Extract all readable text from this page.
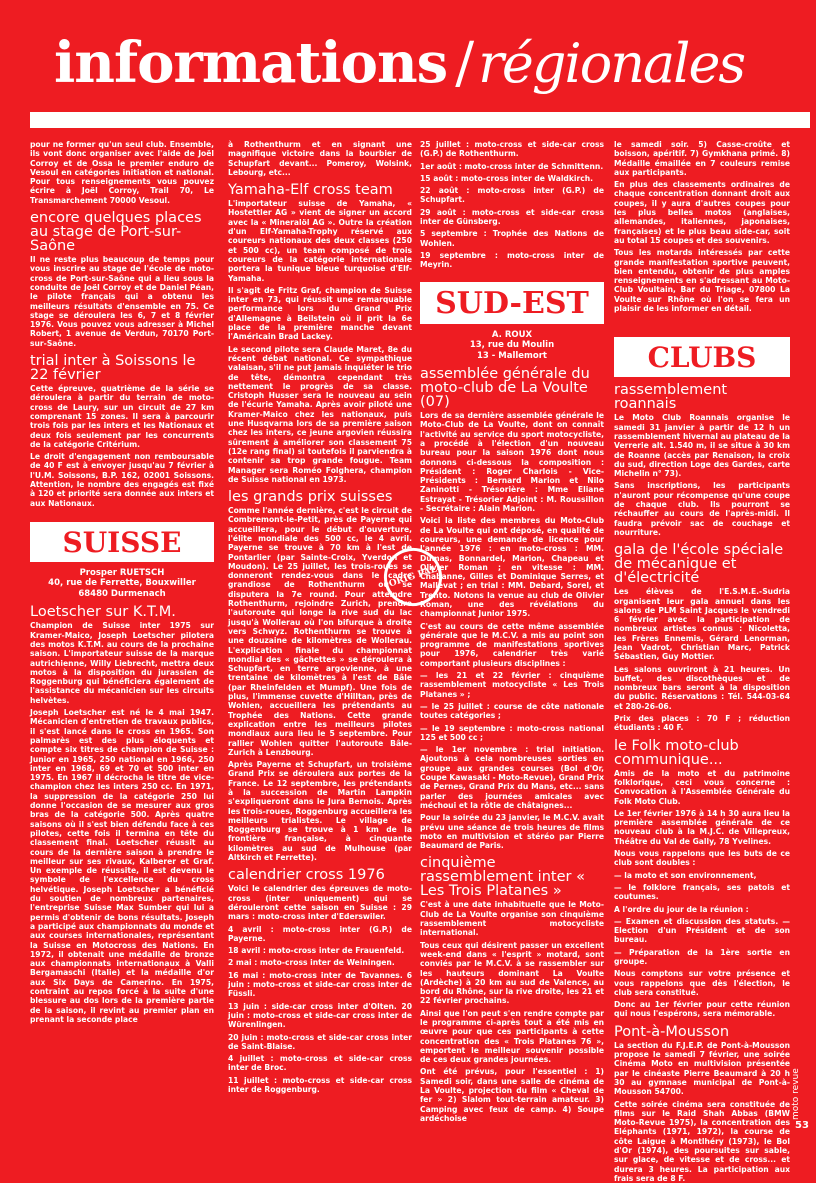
informations / régionales

pour ne former qu'un seul club. Ensemble, ils vont donc organiser avec l'aide de Joël Corroy et de Ossa le premier enduro de Vesoul en catégories initiation et national. Pour tous renseignements vous pouvez écrire à Joël Corroy, Trail 70, Le Transmarchement 70000 Vesoul.

encore quelques places au stage de Port-sur-Saône

Il ne reste plus beaucoup de temps pour vous inscrire au stage de l'école de moto-cross de Port-sur-Saône qui a lieu sous la conduite de Joël Corroy et de Daniel Péan, le pilote français qui a obtenu les meilleurs résultats d'ensemble en 75. Ce stage se déroulera les 6, 7 et 8 février 1976. Vous pouvez vous adresser à Michel Robert, 1 avenue de Verdun, 70170 Port-sur-Saône.

trial inter à Soissons le 22 février

Cette épreuve, quatrième de la série se déroulera à partir du terrain de moto-cross de Laury, sur un circuit de 27 km comprenant 15 zones. Il sera à parcourir trois fois par les inters et les Nationaux et deux fois seulement par les concurrents de la catégorie Critérium.

Le droit d'engagement non remboursable de 40 F est à envoyer jusqu'au 7 février à l'U.M. Soissons, B.P. 162, 02001 Soissons. Attention, le nombre des engagés est fixé à 120 et priorité sera donnée aux inters et aux Nationaux.

SUISSE
Prosper RUETSCH
40, rue de Ferrette, Bouxwiller
68480 Durmenach
Loetscher sur K.T.M.

Champion de Suisse inter 1975 sur Kramer-Maico, Joseph Loetscher pilotera des motos K.T.M. au cours de la prochaine saison. L'importateur suisse de la marque autrichienne, Willy Liebrecht, mettra deux motos à la disposition du jurassien de Roggenburg qui bénéficiera également de l'assistance du mécanicien sur les circuits helvètes.

Joseph Loetscher est né le 4 mai 1947. Mécanicien d'entretien de travaux publics, il s'est lancé dans le cross en 1965. Son palmarès est des plus éloquents et compte six titres de champion de Suisse : Junior en 1965, 250 national en 1966, 250 inter en 1968, 69 et 70 et 500 inter en 1975. En 1967 il décrocha le titre de vice-champion chez les inters 250 cc. En 1971, la suppression de la catégorie 250 lui donne l'occasion de se mesurer aux gros bras de la catégorie 500. Après quatre saisons où il s'est bien défendu face à ces pilotes, cette fois il termina en tête du classement final. Loetscher réussit au cours de la dernière saison à prendre le meilleur sur ses rivaux, Kalberer et Graf. Un exemple de réussite, il est devenu le symbole de l'excellence du cross helvétique. Joseph Loetscher a bénéficié du soutien de nombreux partenaires, l'entreprise Suisse Max Sumber qui lui a permis d'obtenir de bons résultats. Joseph a participé aux championnats du monde et aux courses internationales, représentant la Suisse en Motocross des Nations. En 1972, il obtenait une médaille de bronze aux championnats internationaux à Valli Bergamaschi (Italie) et la médaille d'or aux Six Days de Camerino. En 1975, contraint au repos forcé à la suite d'une blessure au dos lors de la première partie de la saison, il revint au premier plan en prenant la seconde place

à Rothenthurm et en signant une magnifique victoire dans la bourbier de Schupfart devant... Pomeroy, Wolsink, Lebourg, etc...

Yamaha-Elf cross team

L'importateur suisse de Yamaha, « Hostettler AG » vient de signer un accord avec la « Mineralöl AG ». Outre la création d'un Elf-Yamaha-Trophy réservé aux coureurs nationaux des deux classes (250 et 500 cc), un team composé de trois coureurs de la catégorie internationale portera la tunique bleue turquoise d'Elf-Yamaha.

Il s'agit de Fritz Graf, champion de Suisse inter en 73, qui réussit une remarquable performance lors du Grand Prix d'Allemagne à Beilstein où il prit la 6e place de la première manche devant l'Américain Brad Lackey.

Le second pilote sera Claude Maret, 8e du récent débat national. Ce sympathique valaisan, s'il ne put jamais inquiéter le trio de tête, démontra cependant très nettement le progrès de sa classe. Cristoph Husser sera le nouveau au sein de l'écurie Yamaha. Après avoir piloté une Kramer-Maico chez les nationaux, puis une Husqvarna lors de sa première saison chez les inters, ce jeune argovien réussira sûrement à améliorer son classement 75 (12e rang final) si toutefois il parviendra à contenir sa trop grande fougue. Team Manager sera Roméo Folghera, champion de Suisse national en 1973.

les grands prix suisses

Comme l'année dernière, c'est le circuit de Combremont-le-Petit, près de Payerne qui accueillera, pour le début d'ouverture, l'élite mondiale des 500 cc, le 4 avril. Payerne se trouve à 70 km à l'est de Pontarlier (par Sainte-Croix, Yverdon et Moudon). Le 25 juillet, les trois-roues se donneront rendez-vous dans le cadre grandiose de Rothenthurm où se disputera la 7e round. Pour atteindre Rothenthurm, rejoindre Zurich, prendre l'autoroute qui longe la rive sud du lac jusqu'à Wollerau où l'on bifurque à droite vers Schwyz. Rothenthurm se trouve à une douzaine de kilomètres de Wollerau. L'explication finale du championnat mondial des « gâchettes » se déroulera à Schupfart, en terre argovienne, à une trentaine de kilomètres à l'est de Bâle (par Rheinfelden et Mumpf). Une fois de plus, l'immense cuvette d'Hilltan, près de Wohlen, accueillera les prétendants au Trophée des Nations. Cette grande explication entre les meilleurs pilotes mondiaux aura lieu le 5 septembre. Pour rallier Wohlen quitter l'autoroute Bâle-Zurich à Lenzbourg.

Après Payerne et Schupfart, un troisième Grand Prix se déroulera aux portes de la France. Le 12 septembre, les prétendants à la succession de Martin Lampkin s'expliqueront dans le Jura Bernois. Après les trois-roues, Roggenburg accueillera les meilleurs trialistes. Le village de Roggenburg se trouve à 1 km de la frontière française, à cinquante kilomètres au sud de Mulhouse (par Altkirch et Ferrette).

calendrier cross 1976

Voici le calendrier des épreuves de moto-cross (inter uniquement) qui se dérouleront cette saison en Suisse : 29 mars : moto-cross inter d'Ederswiler.

4 avril : moto-cross inter (G.P.) de Payerne.

18 avril : moto-cross inter de Frauenfeld.

2 mai : moto-cross inter de Weiningen.

16 mai : moto-cross inter de Tavannes. 6 juin : moto-cross et side-car cross inter de Füssli.

13 juin : side-car cross inter d'Olten. 20 juin : moto-cross et side-car cross inter de Würenlingen.

20 juin : moto-cross et side-car cross inter de Saint-Blaise.

4 juillet : moto-cross et side-car cross inter de Broc.

11 juillet : moto-cross et side-car cross inter de Roggenburg.

25 juillet : moto-cross et side-car cross (G.P.) de Rothenthurm.

1er août : moto-cross inter de Schmittenn.

15 août : moto-cross inter de Waldkirch.

22 août : moto-cross inter (G.P.) de Schupfart.

29 août : moto-cross et side-car cross inter de Günsberg.

5 septembre : Trophée des Nations de Wohlen.

19 septembre : moto-cross inter de Meyrin.

SUD-EST
A. ROUX
13, rue du Moulin
13 - Mallemort
assemblée générale du moto-club de La Voulte (07)

Lors de sa dernière assemblée générale le Moto-Club de La Voulte, dont on connaît l'activité au service du sport motocycliste, a procédé à l'élection d'un nouveau bureau pour la saison 1976 dont nous donnons ci-dessous la composition : Président : Roger Charlois - Vice-Présidents : Bernard Marion et Nilo Zaninotti - Trésorière : Mme Eliane Estrayat - Trésorier Adjoint : M. Roussillon - Secrétaire : Alain Marion.

Voici la liste des membres du Moto-Club de La Voulte qui ont déposé, en qualité de coureurs, une demande de licence pour l'année 1976 : en moto-cross : MM. Dumas, Bonnardel, Marion, Chapeau et Olivier Roman ; en vitesse : MM. Chabanne, Gilles et Dominique Serres, et Mallevat ; en trial : MM. Debard, Sorel, et Trento. Notons la venue au club de Olivier Roman, une des révélations du championnat Junior 1975.

C'est au cours de cette même assemblée générale que le M.C.V. a mis au point son programme de manifestations sportives pour 1976, calendrier très varié comportant plusieurs disciplines :

— les 21 et 22 février : cinquième rassemblement motocycliste « Les Trois Platanes » ;

— le 25 juillet : course de côte nationale toutes catégories ;

— le 19 septembre : moto-cross national 125 et 500 cc ;

— le 1er novembre : trial initiation. Ajoutons à cela nombreuses sorties en groupe aux grandes courses (Bol d'Or, Coupe Kawasaki - Moto-Revue), Grand Prix de Pernes, Grand Prix du Mans, etc... sans parler des journées amicales avec méchoui et la rôtie de châtaignes...

Pour la soirée du 23 janvier, le M.C.V. avait prévu une séance de trois heures de films moto en multivision et stéréo par Pierre Beaumard de Paris.

cinquième rassemblement inter « Les Trois Platanes »

C'est à une date inhabituelle que le Moto-Club de La Voulte organise son cinquième rassemblement motocycliste international.

Tous ceux qui désirent passer un excellent week-end dans « l'esprit » motard, sont conviés par le M.C.V. à se rassembler sur les hauteurs dominant La Voulte (Ardèche) à 20 km au sud de Valence, au bord du Rhône, sur la rive droite, les 21 et 22 février prochains.

Ainsi que l'on peut s'en rendre compte par le programme ci-après tout a été mis en œuvre pour que ces participants à cette concentration des « Trois Platanes 76 », emportent le meilleur souvenir possible de ces deux grandes journées.

Ont été prévus, pour l'essentiel : 1) Samedi soir, dans une salle de cinéma de La Voulte, projection du film « Cheval de fer » 2) Slalom tout-terrain amateur. 3) Camping avec feux de camp. 4) Soupe ardéchoise

le samedi soir. 5) Casse-croûte et boisson, apéritif. 7) Gymkhana primé. 8) Médaille émaillée en 7 couleurs remise aux participants.

En plus des classements ordinaires de chaque concentration donnant droit aux coupes, il y aura d'autres coupes pour les plus belles motos (anglaises, allemandes, italiennes, japonaises, françaises) et le plus beau side-car, soit au total 15 coupes et des souvenirs.

Tous les motards intéressés par cette grande manifestation sportive peuvent, bien entendu, obtenir de plus amples renseignements en s'adressant au Moto-Club Voultain, Bar du Triage, 07800 La Voulte sur Rhône où l'on se fera un plaisir de les informer en détail.

CLUBS
rassemblement roannais

Le Moto Club Roannais organise le samedi 31 janvier à partir de 12 h un rassemblement hivernal au plateau de la Verrerie alt. 1.540 m, il se situe à 30 km de Roanne (accès par Renaison, la croix du sud, direction Loge des Gardes, carte Michelin n° 73).

Sans inscriptions, les participants n'auront pour récompense qu'une coupe de chaque club. Ils pourront se réchauffer au cours de l'après-midi. Il faudra prévoir sac de couchage et nourriture.

gala de l'école spéciale de mécanique et d'électricité

Les élèves de l'E.S.M.E.-Sudria organisent leur gala annuel dans les salons de PLM Saint Jacques le vendredi 6 février avec la participation de nombreux artistes connus : Nicoletta, les Frères Ennemis, Gérard Lenorman, Jean Vadrot, Christian Marc, Patrick Sébastien, Guy Mottier.

Les salons ouvriront à 21 heures. Un buffet, des discothèques et de nombreux bars seront à la disposition du public. Réservations : Tél. 544-03-64 et 280-26-06.

Prix des places : 70 F ; réduction étudiants : 40 F.

le Folk moto-club communique...

Amis de la moto et du patrimoine folklorique, ceci vous concerne : Convocation à l'Assemblée Générale du Folk Moto Club.

Le 1er février 1976 à 14 h 30 aura lieu la première assemblée générale de ce nouveau club à la M.J.C. de Villepreux, Théâtre du Val de Gally, 78 Yvelines.

Nous vous rappelons que les buts de ce club sont doubles :

— la moto et son environnement,

— le folklore français, ses patois et coutumes.

A l'ordre du jour de la réunion :

— Examen et discussion des statuts. — Election d'un Président et de son bureau.

— Préparation de la 1ère sortie en groupe.

Nous comptons sur votre présence et vous rappelons que dès l'élection, le club sera constitué.

Donc au 1er février pour cette réunion qui nous l'espérons, sera mémorable.

Pont-à-Mousson

La section du F.J.E.P. de Pont-à-Mousson propose le samedi 7 février, une soirée Cinéma Moto en multivision présentée par le cinéaste Pierre Beaumard à 20 h 30 au gymnase municipal de Pont-à-Mousson 54700.

Cette soirée cinéma sera constituée de films sur le Raid Shah Abbas (BMW Moto-Revue 1975), la concentration des Eléphants (1971, 1972), la course de côte Laigue à Montlhéry (1973), le Bol d'Or (1974), des poursuites sur sable, sur glace, de vitesse et de cross... et durera 3 heures. La participation aux frais sera de 8 F.

ORIG PAL
moto revue
53
